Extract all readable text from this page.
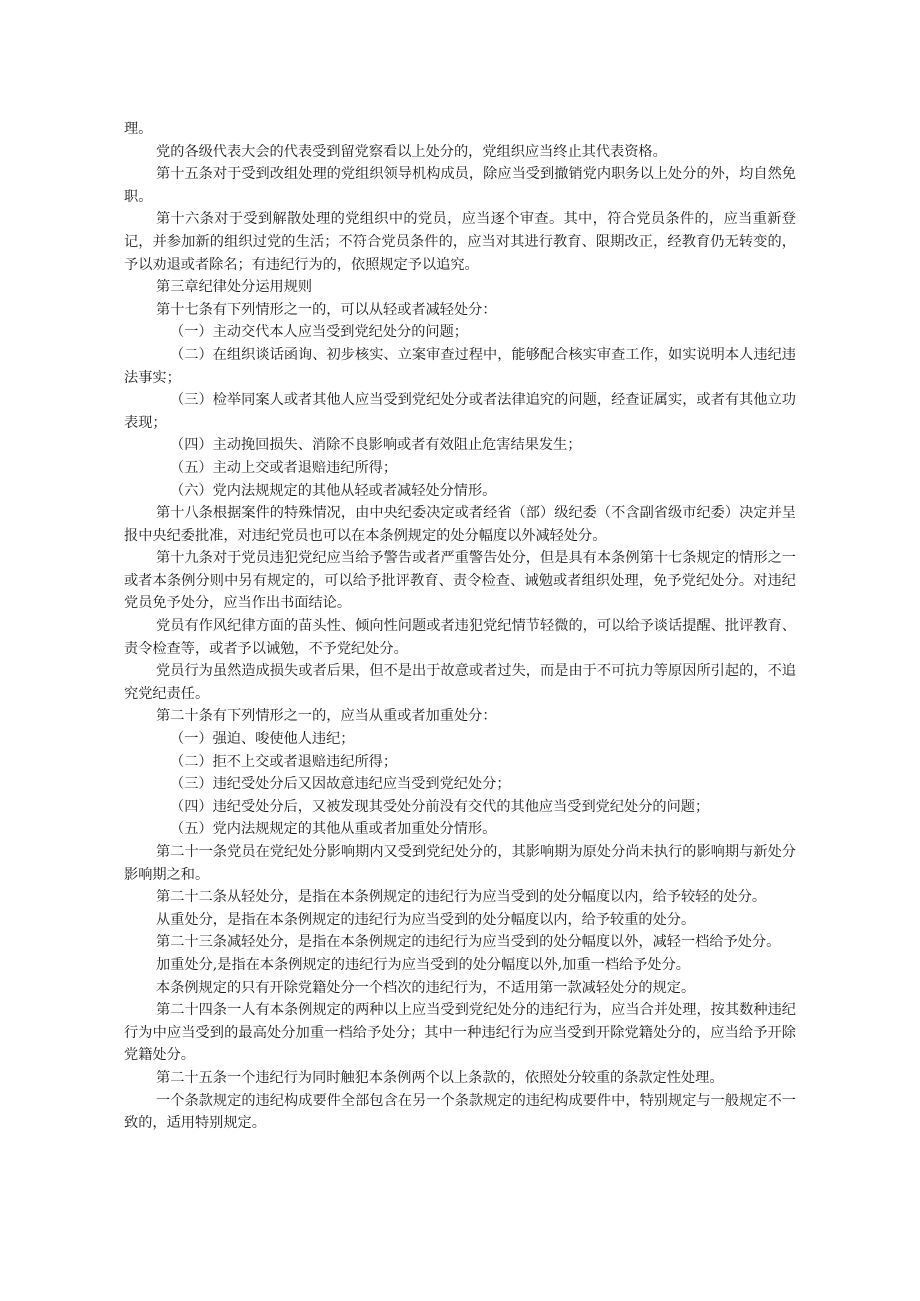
理。

党的各级代表大会的代表受到留党察看以上处分的，党组织应当终止其代表资格。

第十五条对于受到改组处理的党组织领导机构成员，除应当受到撤销党内职务以上处分的外，均自然免职。

第十六条对于受到解散处理的党组织中的党员，应当逐个审查。其中，符合党员条件的，应当重新登记，并参加新的组织过党的生活；不符合党员条件的，应当对其进行教育、限期改正，经教育仍无转变的，予以劝退或者除名；有违纪行为的，依照规定予以追究。

第三章纪律处分运用规则

第十七条有下列情形之一的，可以从轻或者减轻处分：

（一）主动交代本人应当受到党纪处分的问题；

（二）在组织谈话函询、初步核实、立案审查过程中，能够配合核实审查工作，如实说明本人违纪违法事实；

（三）检举同案人或者其他人应当受到党纪处分或者法律追究的问题，经查证属实，或者有其他立功表现；

（四）主动挽回损失、消除不良影响或者有效阻止危害结果发生；

（五）主动上交或者退赔违纪所得；

（六）党内法规规定的其他从轻或者减轻处分情形。

第十八条根据案件的特殊情况，由中央纪委决定或者经省（部）级纪委（不含副省级市纪委）决定并呈报中央纪委批准，对违纪党员也可以在本条例规定的处分幅度以外减轻处分。

第十九条对于党员违犯党纪应当给予警告或者严重警告处分，但是具有本条例第十七条规定的情形之一或者本条例分则中另有规定的，可以给予批评教育、责令检查、诫勉或者组织处理，免予党纪处分。对违纪党员免予处分，应当作出书面结论。

党员有作风纪律方面的苗头性、倾向性问题或者违犯党纪情节轻微的，可以给予谈话提醒、批评教育、责令检查等，或者予以诫勉，不予党纪处分。

党员行为虽然造成损失或者后果，但不是出于故意或者过失，而是由于不可抗力等原因所引起的，不追究党纪责任。

第二十条有下列情形之一的，应当从重或者加重处分：

（一）强迫、唆使他人违纪；

（二）拒不上交或者退赔违纪所得；

（三）违纪受处分后又因故意违纪应当受到党纪处分；

（四）违纪受处分后，又被发现其受处分前没有交代的其他应当受到党纪处分的问题；

（五）党内法规规定的其他从重或者加重处分情形。

第二十一条党员在党纪处分影响期内又受到党纪处分的，其影响期为原处分尚未执行的影响期与新处分影响期之和。

第二十二条从轻处分，是指在本条例规定的违纪行为应当受到的处分幅度以内，给予较轻的处分。

从重处分，是指在本条例规定的违纪行为应当受到的处分幅度以内，给予较重的处分。

第二十三条减轻处分，是指在本条例规定的违纪行为应当受到的处分幅度以外，减轻一档给予处分。

加重处分,是指在本条例规定的违纪行为应当受到的处分幅度以外,加重一档给予处分。

本条例规定的只有开除党籍处分一个档次的违纪行为，不适用第一款减轻处分的规定。

第二十四条一人有本条例规定的两种以上应当受到党纪处分的违纪行为，应当合并处理，按其数种违纪行为中应当受到的最高处分加重一档给予处分；其中一种违纪行为应当受到开除党籍处分的，应当给予开除党籍处分。

第二十五条一个违纪行为同时触犯本条例两个以上条款的，依照处分较重的条款定性处理。

一个条款规定的违纪构成要件全部包含在另一个条款规定的违纪构成要件中，特别规定与一般规定不一致的，适用特别规定。
